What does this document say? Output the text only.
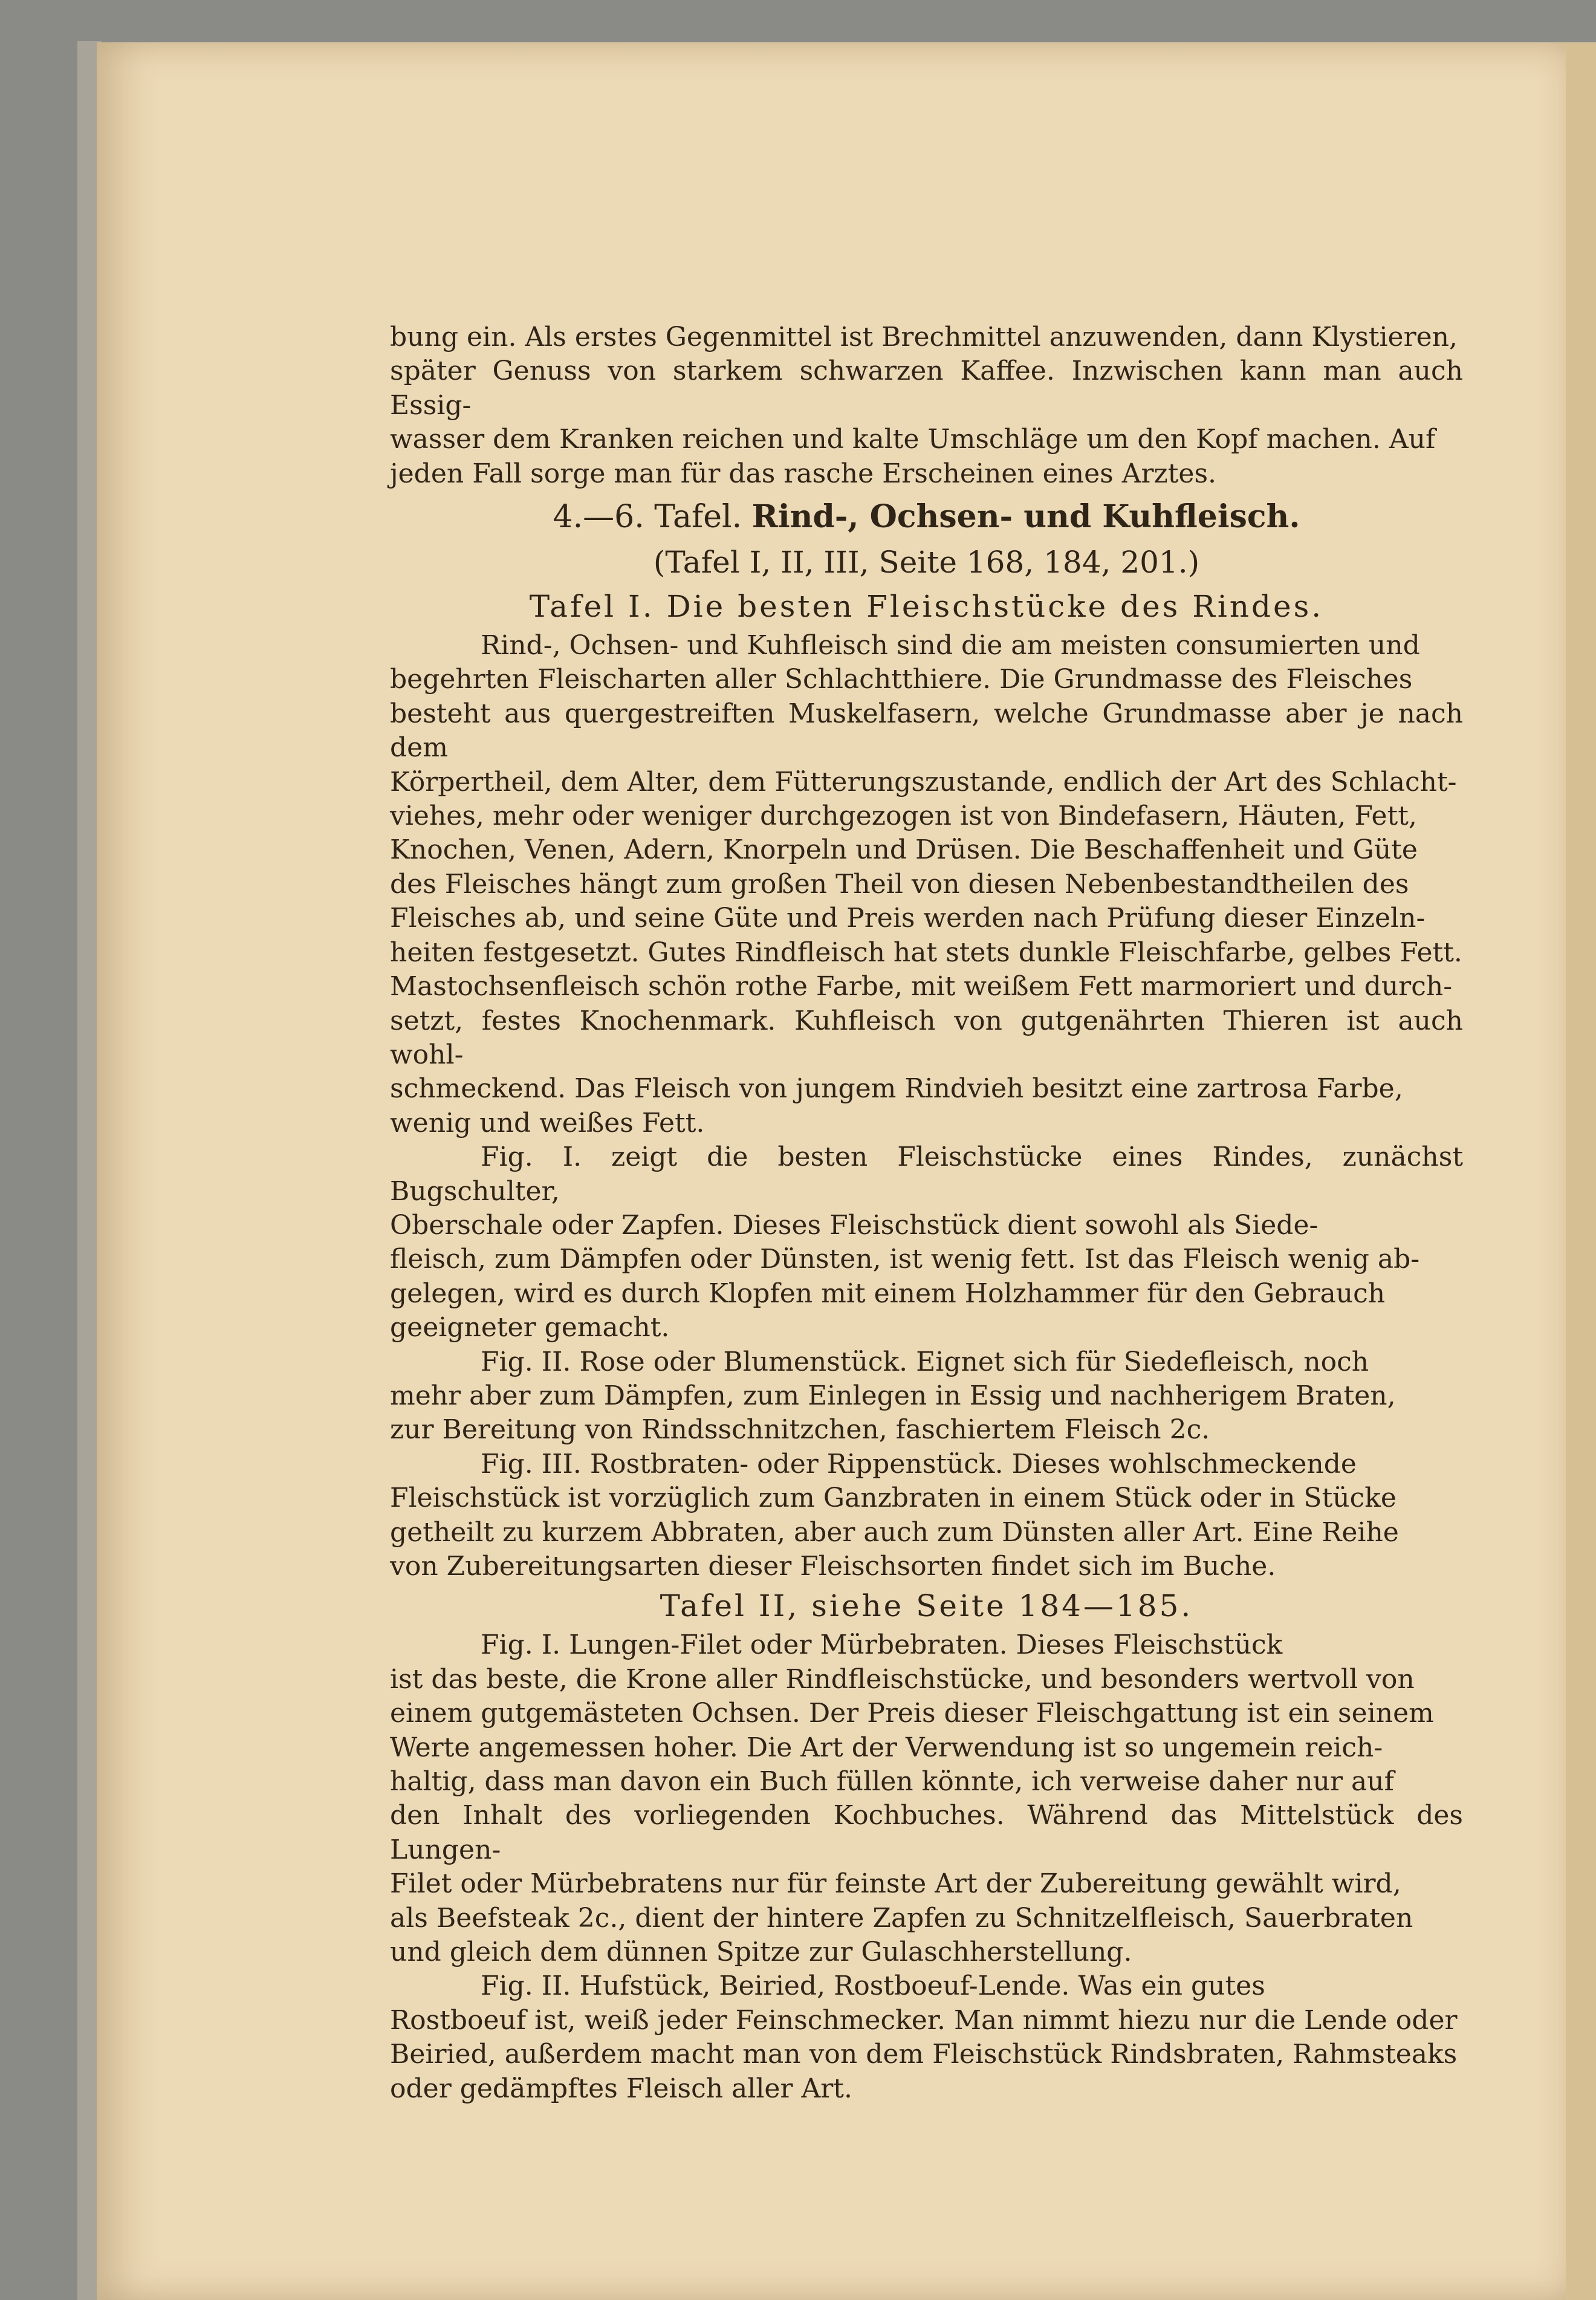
bung ein. Als erstes Gegenmittel ist Brechmittel anzuwenden, dann Klystieren,

später Genuss von starkem schwarzen Kaffee. Inzwischen kann man auch Essig-

wasser dem Kranken reichen und kalte Umschläge um den Kopf machen. Auf

jeden Fall sorge man für das rasche Erscheinen eines Arztes.

4.—6. Tafel. Rind-, Ochsen- und Kuhfleisch.

(Tafel I, II, III, Seite 168, 184, 201.)

Tafel I. Die besten Fleischstücke des Rindes.

Rind-, Ochsen- und Kuhfleisch sind die am meisten consumierten und

begehrten Fleischarten aller Schlachtthiere. Die Grundmasse des Fleisches

besteht aus quergestreiften Muskelfasern, welche Grundmasse aber je nach dem

Körpertheil, dem Alter, dem Fütterungszustande, endlich der Art des Schlacht-

viehes, mehr oder weniger durchgezogen ist von Bindefasern, Häuten, Fett,

Knochen, Venen, Adern, Knorpeln und Drüsen. Die Beschaffenheit und Güte

des Fleisches hängt zum großen Theil von diesen Nebenbestandtheilen des

Fleisches ab, und seine Güte und Preis werden nach Prüfung dieser Einzeln-

heiten festgesetzt. Gutes Rindfleisch hat stets dunkle Fleischfarbe, gelbes Fett.

Mastochsenfleisch schön rothe Farbe, mit weißem Fett marmoriert und durch-

setzt, festes Knochenmark. Kuhfleisch von gutgenährten Thieren ist auch wohl-

schmeckend. Das Fleisch von jungem Rindvieh besitzt eine zartrosa Farbe,

wenig und weißes Fett.

Fig. I. zeigt die besten Fleischstücke eines Rindes, zunächst Bugschulter,

Oberschale oder Zapfen. Dieses Fleischstück dient sowohl als Siede-

fleisch, zum Dämpfen oder Dünsten, ist wenig fett. Ist das Fleisch wenig ab-

gelegen, wird es durch Klopfen mit einem Holzhammer für den Gebrauch

geeigneter gemacht.

Fig. II. Rose oder Blumenstück. Eignet sich für Siedefleisch, noch

mehr aber zum Dämpfen, zum Einlegen in Essig und nachherigem Braten,

zur Bereitung von Rindsschnitzchen, faschiertem Fleisch 2c.

Fig. III. Rostbraten- oder Rippenstück. Dieses wohlschmeckende

Fleischstück ist vorzüglich zum Ganzbraten in einem Stück oder in Stücke

getheilt zu kurzem Abbraten, aber auch zum Dünsten aller Art. Eine Reihe

von Zubereitungsarten dieser Fleischsorten findet sich im Buche.

Tafel II, siehe Seite 184—185.

Fig. I. Lungen-Filet oder Mürbebraten. Dieses Fleischstück

ist das beste, die Krone aller Rindfleischstücke, und besonders wertvoll von

einem gutgemästeten Ochsen. Der Preis dieser Fleischgattung ist ein seinem

Werte angemessen hoher. Die Art der Verwendung ist so ungemein reich-

haltig, dass man davon ein Buch füllen könnte, ich verweise daher nur auf

den Inhalt des vorliegenden Kochbuches. Während das Mittelstück des Lungen-

Filet oder Mürbebratens nur für feinste Art der Zubereitung gewählt wird,

als Beefsteak 2c., dient der hintere Zapfen zu Schnitzelfleisch, Sauerbraten

und gleich dem dünnen Spitze zur Gulaschherstellung.

Fig. II. Hufstück, Beiried, Rostboeuf-Lende. Was ein gutes

Rostboeuf ist, weiß jeder Feinschmecker. Man nimmt hiezu nur die Lende oder

Beiried, außerdem macht man von dem Fleischstück Rindsbraten, Rahmsteaks

oder gedämpftes Fleisch aller Art.
